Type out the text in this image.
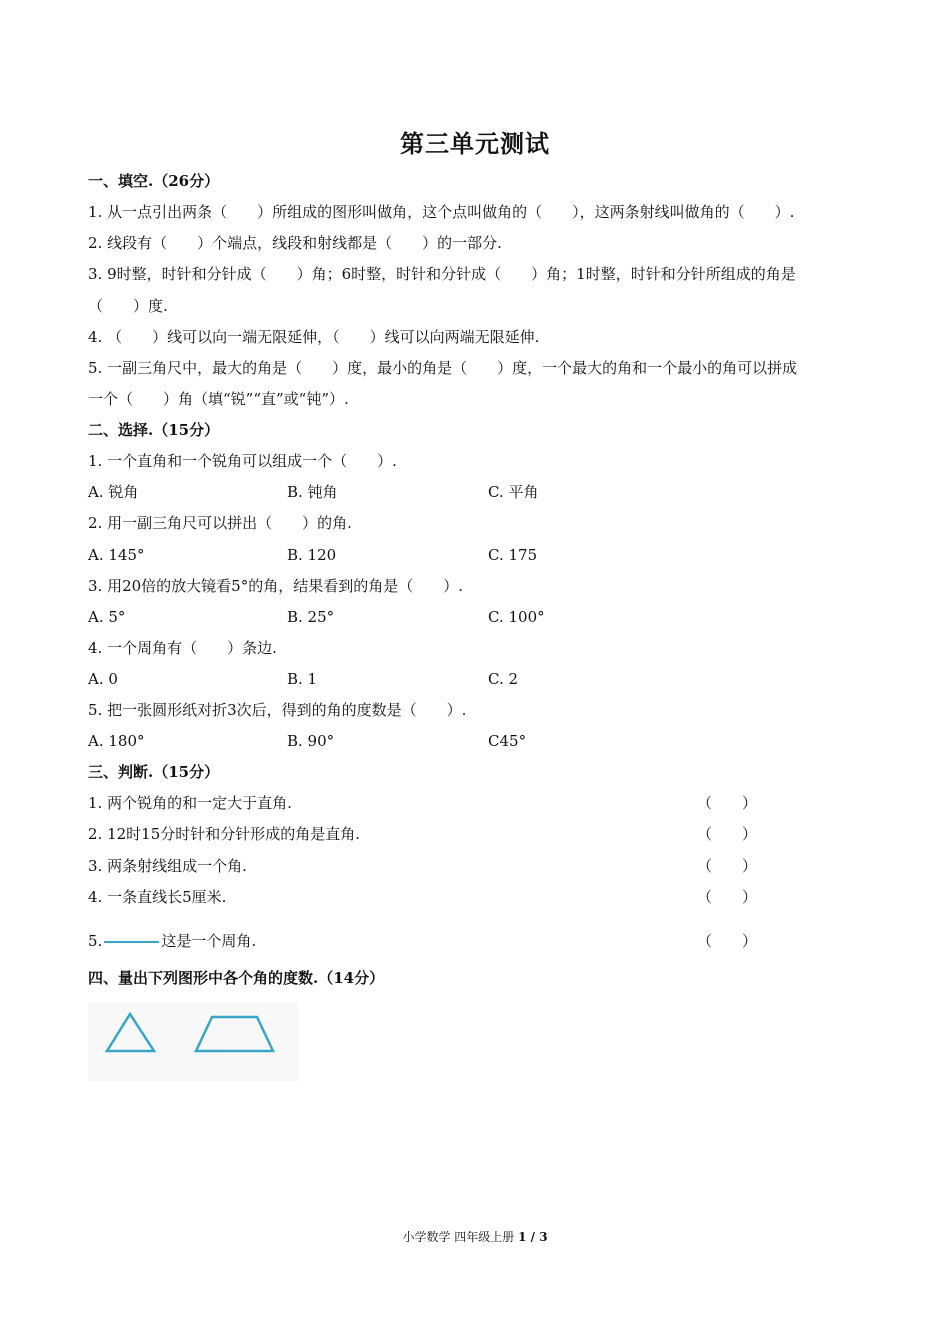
第三单元测试
一、填空.（26分）
1. 从一点引出两条（　　）所组成的图形叫做角，这个点叫做角的（　　），这两条射线叫做角的（　　）.
2. 线段有（　　）个端点，线段和射线都是（　　）的一部分.
3. 9时整，时针和分针成（　　）角；6时整，时针和分针成（　　）角；1时整，时针和分针所组成的角是
（　　）度.
4. （　　）线可以向一端无限延伸，（　　）线可以向两端无限延伸.
5. 一副三角尺中，最大的角是（　　）度，最小的角是（　　）度，一个最大的角和一个最小的角可以拼成
一个（　　）角（填“锐”“直”或“钝”）.
二、选择.（15分）
1. 一个直角和一个锐角可以组成一个（　　）.
A. 锐角	B. 钝角	C. 平角
2. 用一副三角尺可以拼出（　　）的角.
A. 145°	B. 120	C. 175
3. 用20倍的放大镜看5°的角，结果看到的角是（　　）.
A. 5°	B. 25°	C. 100°
4. 一个周角有（　　）条边.
A. 0	B. 1	C. 2
5. 把一张圆形纸对折3次后，得到的角的度数是（　　）.
A. 180°	B. 90°	C45°
三、判断.（15分）
1. 两个锐角的和一定大于直角.	（　　）
2. 12时15分时针和分针形成的角是直角.	（　　）
3. 两条射线组成一个角.	（　　）
4. 一条直线长5厘米.	（　　）
5.	这是一个周角.	（　　）
四、量出下列图形中各个角的度数.（14分）
小学数学 四年级上册 1 / 3
